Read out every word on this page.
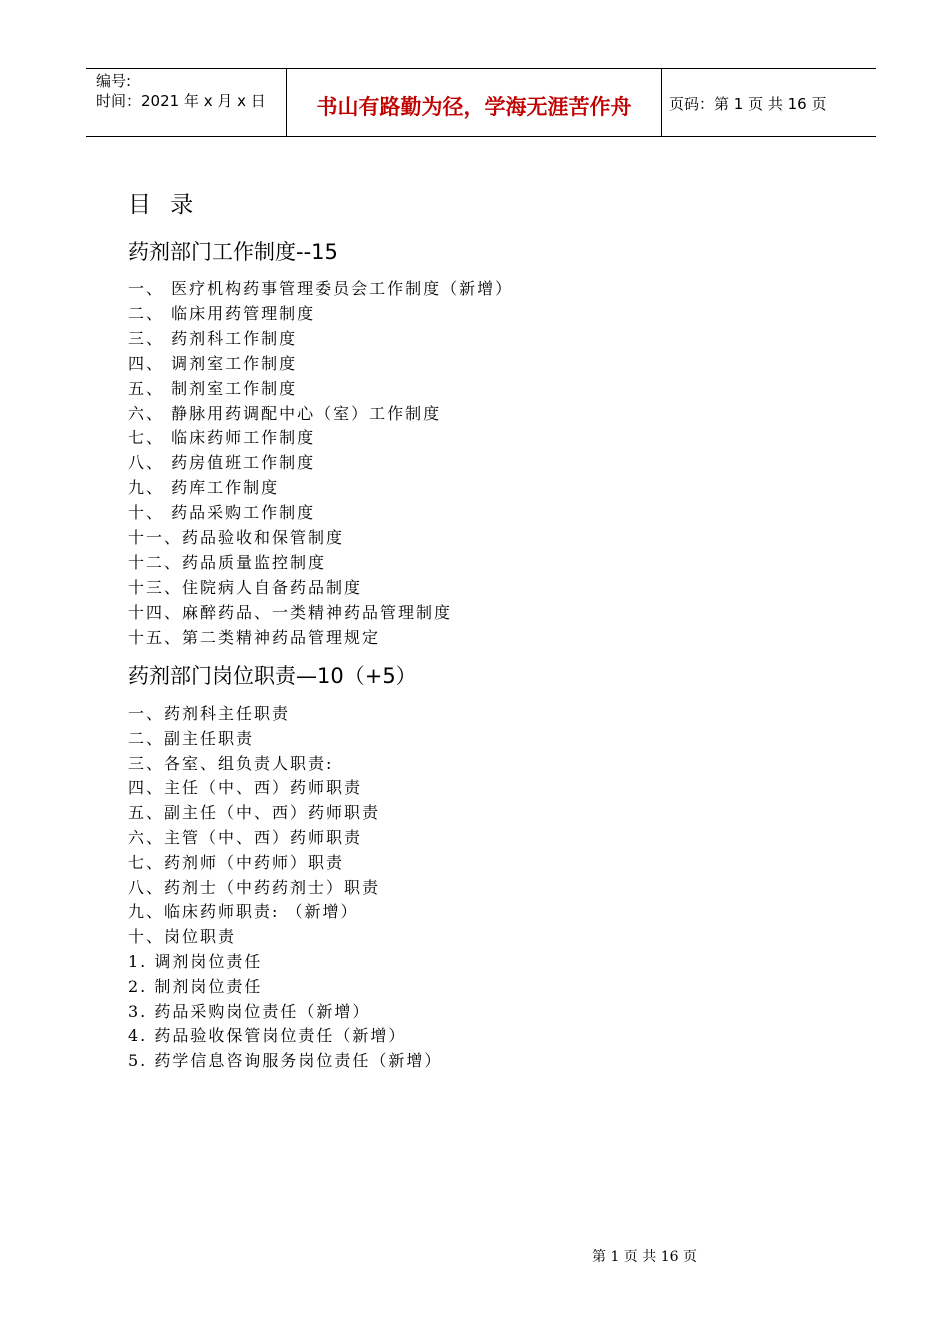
编号:
时间：2021 年 x 月 x 日	书山有路勤为径，学海无涯苦作舟	页码：第 1 页 共 16 页
目 录
药剂部门工作制度--15
一、 医疗机构药事管理委员会工作制度（新增）
二、 临床用药管理制度
三、 药剂科工作制度
四、 调剂室工作制度
五、 制剂室工作制度
六、 静脉用药调配中心（室）工作制度
七、 临床药师工作制度
八、 药房值班工作制度
九、 药库工作制度
十、 药品采购工作制度
十一、药品验收和保管制度
十二、药品质量监控制度
十三、住院病人自备药品制度
十四、麻醉药品、一类精神药品管理制度
十五、第二类精神药品管理规定
药剂部门岗位职责—10（+5）
一、药剂科主任职责
二、副主任职责
三、各室、组负责人职责:
四、主任（中、西）药师职责
五、副主任（中、西）药师职责
六、主管（中、西）药师职责
七、药剂师（中药师）职责
八、药剂士（中药药剂士）职责
九、临床药师职责: （新增）
十、岗位职责
1. 调剂岗位责任
2. 制剂岗位责任
3. 药品采购岗位责任（新增）
4. 药品验收保管岗位责任（新增）
5. 药学信息咨询服务岗位责任（新增）
第 1 页 共 16 页
